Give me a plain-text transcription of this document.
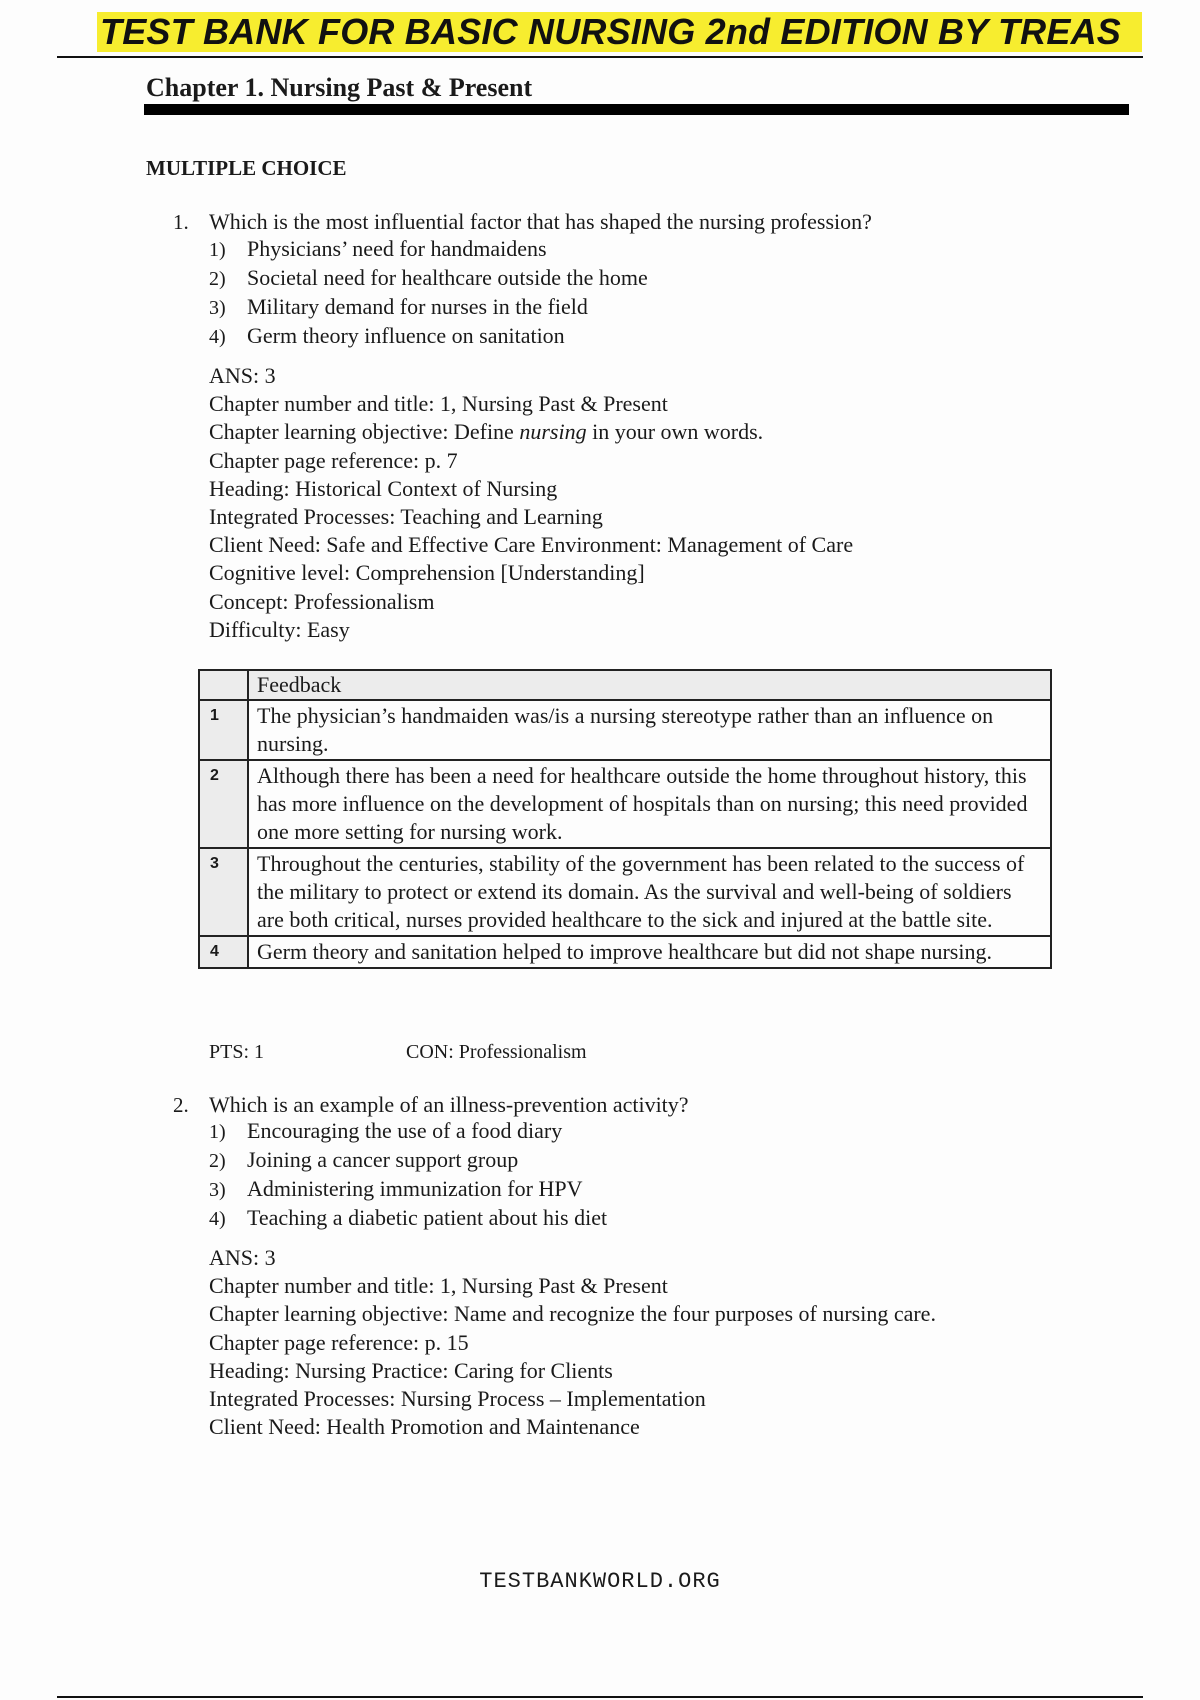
TEST BANK FOR BASIC NURSING 2nd EDITION BY TREAS
Chapter 1. Nursing Past & Present
MULTIPLE CHOICE
1. Which is the most influential factor that has shaped the nursing profession?
1) Physicians’ need for handmaidens
2) Societal need for healthcare outside the home
3) Military demand for nurses in the field
4) Germ theory influence on sanitation
ANS: 3
Chapter number and title: 1, Nursing Past & Present
Chapter learning objective: Define nursing in your own words.
Chapter page reference: p. 7
Heading: Historical Context of Nursing
Integrated Processes: Teaching and Learning
Client Need: Safe and Effective Care Environment: Management of Care
Cognitive level: Comprehension [Understanding]
Concept: Professionalism
Difficulty: Easy
	Feedback
1	The physician’s handmaiden was/is a nursing stereotype rather than an influence on nursing.
2	Although there has been a need for healthcare outside the home throughout history, this has more influence on the development of hospitals than on nursing; this need provided one more setting for nursing work.
3	Throughout the centuries, stability of the government has been related to the success of the military to protect or extend its domain. As the survival and well-being of soldiers are both critical, nurses provided healthcare to the sick and injured at the battle site.
4	Germ theory and sanitation helped to improve healthcare but did not shape nursing.
PTS: 1	CON: Professionalism
2. Which is an example of an illness-prevention activity?
1) Encouraging the use of a food diary
2) Joining a cancer support group
3) Administering immunization for HPV
4) Teaching a diabetic patient about his diet
ANS: 3
Chapter number and title: 1, Nursing Past & Present
Chapter learning objective: Name and recognize the four purposes of nursing care.
Chapter page reference: p. 15
Heading: Nursing Practice: Caring for Clients
Integrated Processes: Nursing Process – Implementation
Client Need: Health Promotion and Maintenance
TESTBANKWORLD.ORG
